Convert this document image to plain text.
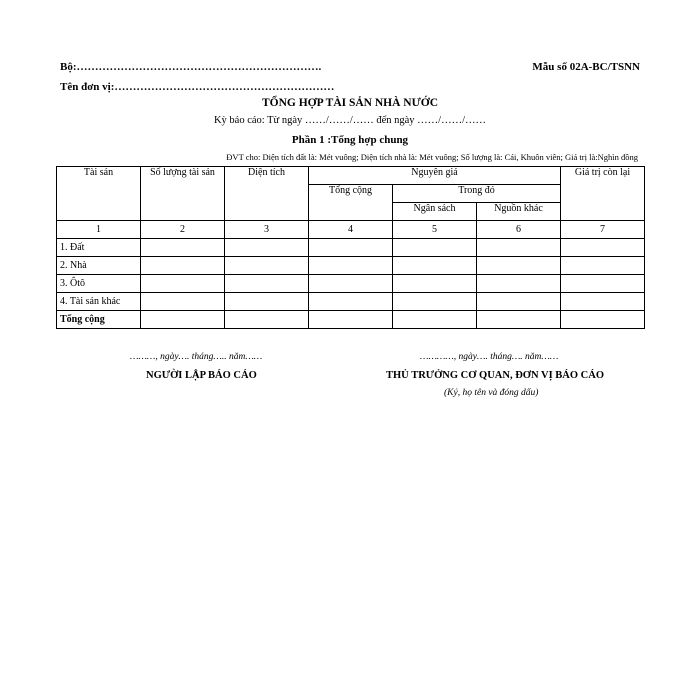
Bộ:………………………………………………………….	Mẫu số 02A-BC/TSNN
Tên đơn vị:……………………………………………………
TỔNG HỢP TÀI SẢN NHÀ NƯỚC
Kỳ báo cáo: Từ ngày ……/……/…… đến ngày ……/……/……
Phần 1 :Tổng hợp chung
ĐVT cho: Diện tích đất là: Mét vuông; Diện tích nhà là: Mét vuông; Số lượng là: Cái, Khuôn viên; Giá trị là:Nghìn đồng
Tài sản	Số lượng tài sản	Diện tích	Nguyên giá			Giá trị còn lại
			Tổng cộng	Trong đó		
				Ngân sách	Nguồn khác	
1	2	3	4	5	6	7
1. Đất						
2. Nhà						
3. Ôtô						
4. Tài sản khác						
Tổng cộng						
………, ngày…. tháng….. năm……	…………, ngày…. tháng…. năm……
NGƯỜI LẬP BÁO CÁO	THỦ TRƯỞNG CƠ QUAN, ĐƠN VỊ BÁO CÁO
(Ký, họ tên và đóng dấu)
